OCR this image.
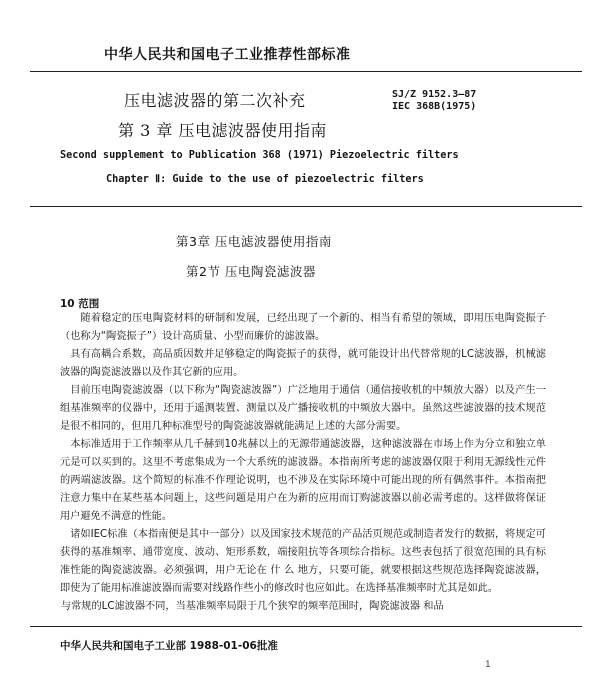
中华人民共和国电子工业推荐性部标准
压电滤波器的第二次补充
第 3 章 压电滤波器使用指南
SJ/Z 9152.3—87
IEC 368B(1975)
Second supplement to Publication 368 (1971) Piezoelectric filters
Chapter Ⅱ: Guide to the use of piezoelectric filters
第3章 压电滤波器使用指南
第2节 压电陶瓷滤波器
10 范围
随着稳定的压电陶瓷材料的研制和发展，已经出现了一个新的、相当有希望的领域，即用压电陶瓷振子（也称为“陶瓷振子”）设计高质量、小型而廉价的滤波器。
具有高耦合系数，高品质因数并足够稳定的陶瓷振子的获得，就可能设计出代替常规的LC滤波器，机械滤波器的陶瓷滤波器以及作其它新的应用。
目前压电陶瓷滤波器（以下称为“陶瓷滤波器”）广泛地用于通信（通信接收机的中频放大器）以及产生一组基准频率的仪器中，还用于遥测装置、测量以及广播接收机的中频放大器中。虽然这些滤波器的技术规范是很不相同的，但用几种标准型号的陶瓷滤波器就能满足上述的大部分需要。
本标准适用于工作频率从几千赫到10兆赫以上的无源带通滤波器，这种滤波器在市场上作为分立和独立单元是可以买到的。这里不考虑集成为一个大系统的滤波器。本指南所考虑的滤波器仅限于利用无源线性元件的两端滤波器。这个简短的标准不作理论说明，也不涉及在实际环境中可能出现的所有偶然事件。本指南把注意力集中在某些基本问题上，这些问题是用户在为新的应用而订购滤波器以前必需考虑的。这样做将保证用户避免不满意的性能。
诸如IEC标准（本指南便是其中一部分）以及国家技术规范的产品活页规范或制造者发行的数据，将规定可获得的基准频率、通带宽度、波动、矩形系数，端接阻抗等各项综合指标。这些表包括了很宽范围的具有标准性能的陶瓷滤波器。必须强调，用户无论在 什 么 地方，只要可能，就要根据这些规范选择陶瓷滤波器，即使为了能用标准滤波器而需要对线路作些小的修改时也应如此。在选择基准频率时尤其是如此。
与常规的LC滤波器不同，当基准频率局限于几个狭窄的频率范围时，陶瓷滤波器 和品
中华人民共和国电子工业部 1988-01-06批准
1
